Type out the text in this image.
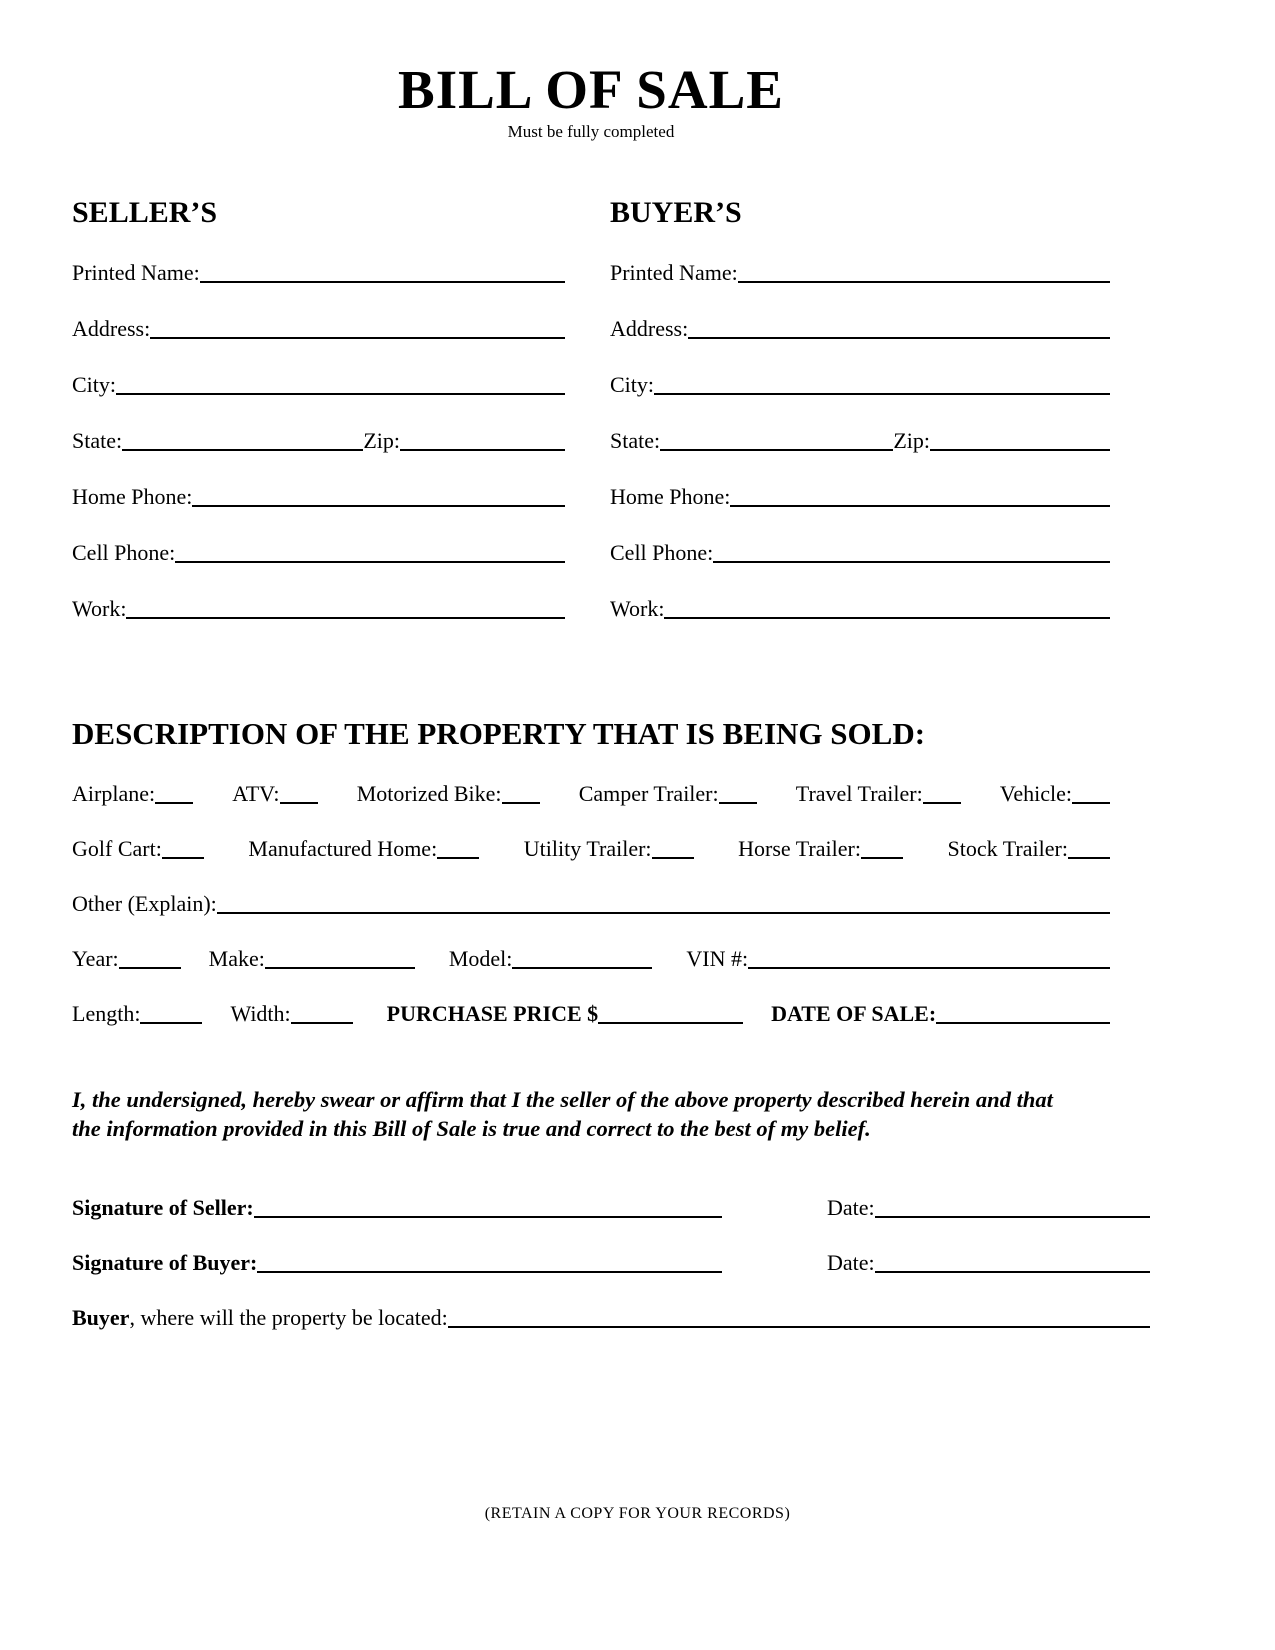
BILL OF SALE
Must be fully completed
SELLER’S
Printed Name:
Address:
City:
State:	Zip:
Home Phone:
Cell Phone:
Work:
BUYER’S
Printed Name:
Address:
City:
State:	Zip:
Home Phone:
Cell Phone:
Work:
DESCRIPTION OF THE PROPERTY THAT IS BEING SOLD:
Airplane:	ATV:	Motorized Bike:	Camper Trailer:	Travel Trailer:	Vehicle:
Golf Cart:	Manufactured Home:	Utility Trailer:	Horse Trailer:	Stock Trailer:
Other (Explain):
Year:	Make:	Model:	VIN #:
Length:	Width:	PURCHASE PRICE $	DATE OF SALE:
I, the undersigned, hereby swear or affirm that I the seller of the above property described herein and that
the information provided in this Bill of Sale is true and correct to the best of my belief.
Signature of Seller:	Date:
Signature of Buyer:	Date:
Buyer , where will the property be located:
(RETAIN A COPY FOR YOUR RECORDS)
